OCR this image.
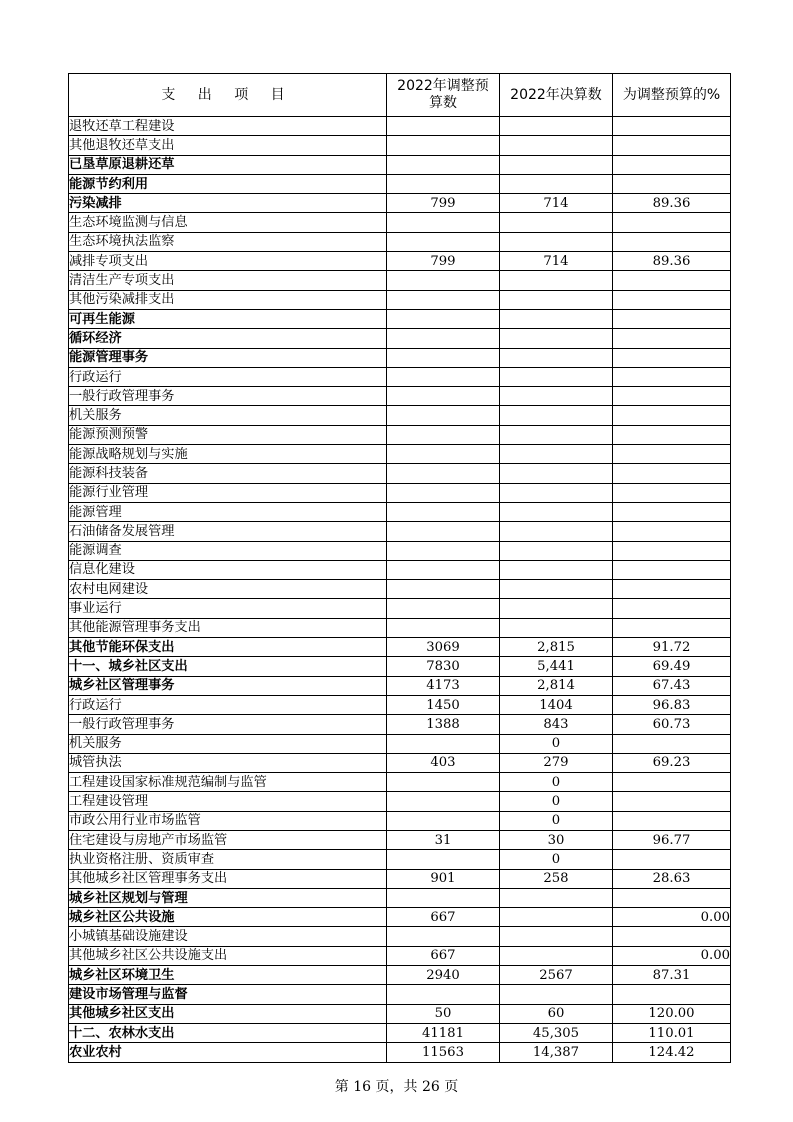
支 出 项 目	2022年调整预算数	2022年决算数	为调整预算的%
退牧还草工程建设			
其他退牧还草支出			
已垦草原退耕还草			
能源节约利用			
污染减排	799	714	89.36
生态环境监测与信息			
生态环境执法监察			
减排专项支出	799	714	89.36
清洁生产专项支出			
其他污染减排支出			
可再生能源			
循环经济			
能源管理事务			
行政运行			
一般行政管理事务			
机关服务			
能源预测预警			
能源战略规划与实施			
能源科技装备			
能源行业管理			
能源管理			
石油储备发展管理			
能源调查			
信息化建设			
农村电网建设			
事业运行			
其他能源管理事务支出			
其他节能环保支出	3069	2,815	91.72
十一、城乡社区支出	7830	5,441	69.49
城乡社区管理事务	4173	2,814	67.43
行政运行	1450	1404	96.83
一般行政管理事务	1388	843	60.73
机关服务		0	
城管执法	403	279	69.23
工程建设国家标准规范编制与监管		0	
工程建设管理		0	
市政公用行业市场监管		0	
住宅建设与房地产市场监管	31	30	96.77
执业资格注册、资质审查		0	
其他城乡社区管理事务支出	901	258	28.63
城乡社区规划与管理			
城乡社区公共设施	667		0.00
小城镇基础设施建设			
其他城乡社区公共设施支出	667		0.00
城乡社区环境卫生	2940	2567	87.31
建设市场管理与监督			
其他城乡社区支出	50	60	120.00
十二、农林水支出	41181	45,305	110.01
农业农村	11563	14,387	124.42
第 16 页，共 26 页
